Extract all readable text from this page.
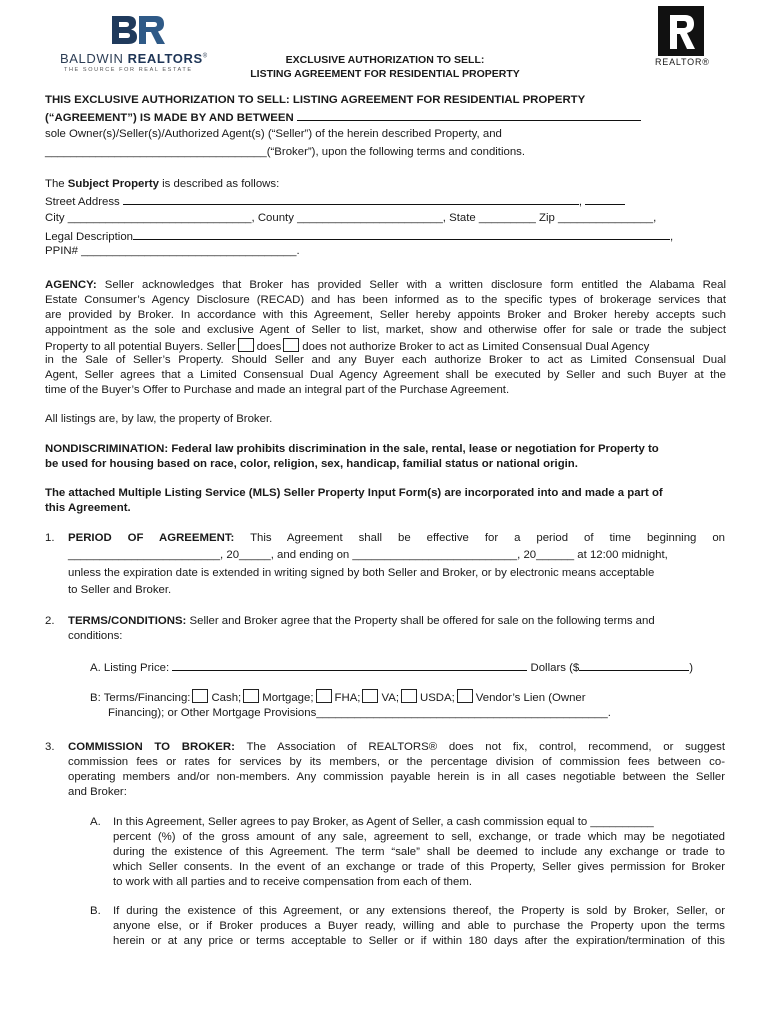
BALDWIN REALTORS®
THE SOURCE FOR REAL ESTATE
REALTOR®
EXCLUSIVE AUTHORIZATION TO SELL:
LISTING AGREEMENT FOR RESIDENTIAL PROPERTY
THIS EXCLUSIVE AUTHORIZATION TO SELL: LISTING AGREEMENT FOR RESIDENTIAL PROPERTY
(“AGREEMENT”) IS MADE BY AND BETWEEN
sole Owner(s)/Seller(s)/Authorized Agent(s) (“Seller”) of the herein described Property, and
___________________________________(“Broker”), upon the following terms and conditions.
The Subject Property is described as follows:
Street Address	,
City _____________________________, County _______________________, State _________ Zip _______________,
Legal Description	,
PPIN# __________________________________.
AGENCY: Seller acknowledges that Broker has provided Seller with a written disclosure form entitled the Alabama Real
Estate Consumer’s Agency Disclosure (RECAD) and has been informed as to the specific types of brokerage services that
are provided by Broker. In accordance with this Agreement, Seller hereby appoints Broker and Broker hereby accepts such
appointment as the sole and exclusive Agent of Seller to list, market, show and otherwise offer for sale or trade the subject
Property to all potential Buyers. Seller does does not authorize Broker to act as Limited Consensual Dual Agency
in the Sale of Seller’s Property. Should Seller and any Buyer each authorize Broker to act as Limited Consensual Dual
Agent, Seller agrees that a Limited Consensual Dual Agency Agreement shall be executed by Seller and such Buyer at the
time of the Buyer’s Offer to Purchase and made an integral part of the Purchase Agreement.
All listings are, by law, the property of Broker.
NONDISCRIMINATION: Federal law prohibits discrimination in the sale, rental, lease or negotiation for Property to
be used for housing based on race, color, religion, sex, handicap, familial status or national origin.
The attached Multiple Listing Service (MLS) Seller Property Input Form(s) are incorporated into and made a part of
this Agreement.
1. PERIOD OF AGREEMENT: This Agreement shall be effective for a period of time beginning on
________________________, 20_____, and ending on __________________________, 20______ at 12:00 midnight,
unless the expiration date is extended in writing signed by both Seller and Broker, or by electronic means acceptable
to Seller and Broker.
2. TERMS/CONDITIONS: Seller and Broker agree that the Property shall be offered for sale on the following terms and
conditions:
A. Listing Price:	Dollars ($	)
B: Terms/Financing: Cash; Mortgage; FHA; VA; USDA; Vendor’s Lien (Owner
Financing); or Other Mortgage Provisions______________________________________________.
3. COMMISSION TO BROKER: The Association of REALTORS® does not fix, control, recommend, or suggest
commission fees or rates for services by its members, or the percentage division of commission fees between co-
operating members and/or non-members. Any commission payable herein is in all cases negotiable between the Seller
and Broker:
A. In this Agreement, Seller agrees to pay Broker, as Agent of Seller, a cash commission equal to __________
percent (%) of the gross amount of any sale, agreement to sell, exchange, or trade which may be negotiated
during the existence of this Agreement. The term “sale” shall be deemed to include any exchange or trade to
which Seller consents. In the event of an exchange or trade of this Property, Seller gives permission for Broker
to work with all parties and to receive compensation from each of them.
B. If during the existence of this Agreement, or any extensions thereof, the Property is sold by Broker, Seller, or
anyone else, or if Broker produces a Buyer ready, willing and able to purchase the Property upon the terms
herein or at any price or terms acceptable to Seller or if within 180 days after the expiration/termination of this
